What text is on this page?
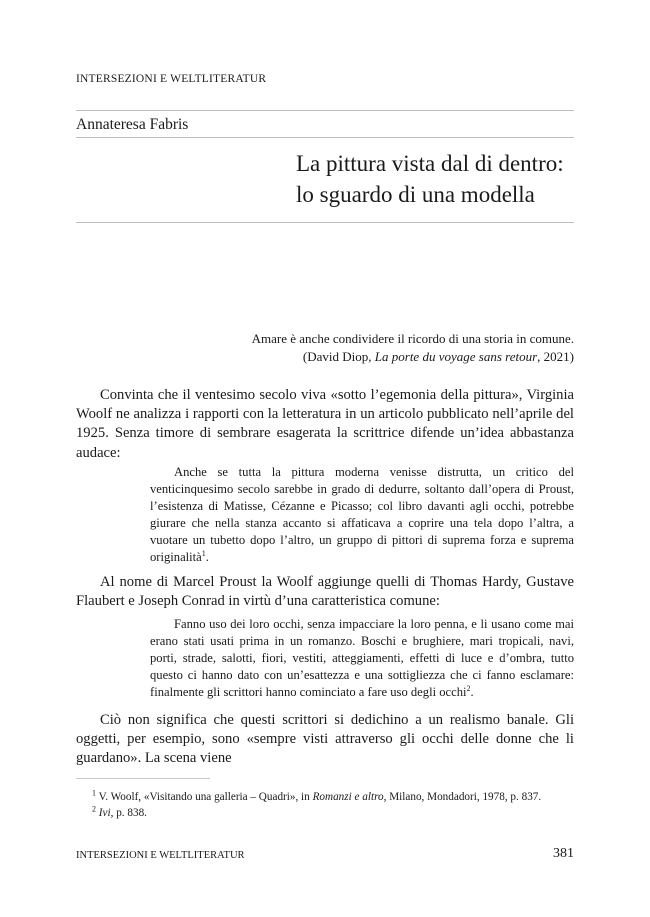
INTERSEZIONI E WELTLITERATUR
Annateresa Fabris
La pittura vista dal di dentro:
lo sguardo di una modella
Amare è anche condividere il ricordo di una storia in comune.
(David Diop, La porte du voyage sans retour, 2021)
Convinta che il ventesimo secolo viva «sotto l’egemonia della pittura», Virginia Woolf ne analizza i rapporti con la letteratura in un articolo pubblicato nell’aprile del 1925. Senza timore di sembrare esagerata la scrittrice difende un’idea abbastanza audace:

Anche se tutta la pittura moderna venisse distrutta, un critico del venticinquesimo secolo sarebbe in grado di dedurre, soltanto dall’opera di Proust, l’esistenza di Matisse, Cézanne e Picasso; col libro davanti agli occhi, potrebbe giurare che nella stanza accanto si affaticava a coprire una tela dopo l’altra, a vuotare un tubetto dopo l’altro, un gruppo di pittori di suprema forza e suprema originalità$^1$.

Al nome di Marcel Proust la Woolf aggiunge quelli di Thomas Hardy, Gustave Flaubert e Joseph Conrad in virtù d’una caratteristica comune:

Fanno uso dei loro occhi, senza impacciare la loro penna, e li usano come mai erano stati usati prima in un romanzo. Boschi e brughiere, mari tropicali, navi, porti, strade, salotti, fiori, vestiti, atteggiamenti, effetti di luce e d’ombra, tutto questo ci hanno dato con un’esattezza e una sottigliezza che ci fanno esclamare: finalmente gli scrittori hanno cominciato a fare uso degli occhi$^2$.

Ciò non significa che questi scrittori si dedichino a un realismo banale. Gli oggetti, per esempio, sono «sempre visti attraverso gli occhi delle donne che li guardano». La scena viene
$^1$ V. Woolf, «Visitando una galleria – Quadri», in Romanzi e altro, Milano, Mondadori, 1978, p. 837.
$^2$ Ivi, p. 838.
INTERSEZIONI E WELTLITERATUR	381
